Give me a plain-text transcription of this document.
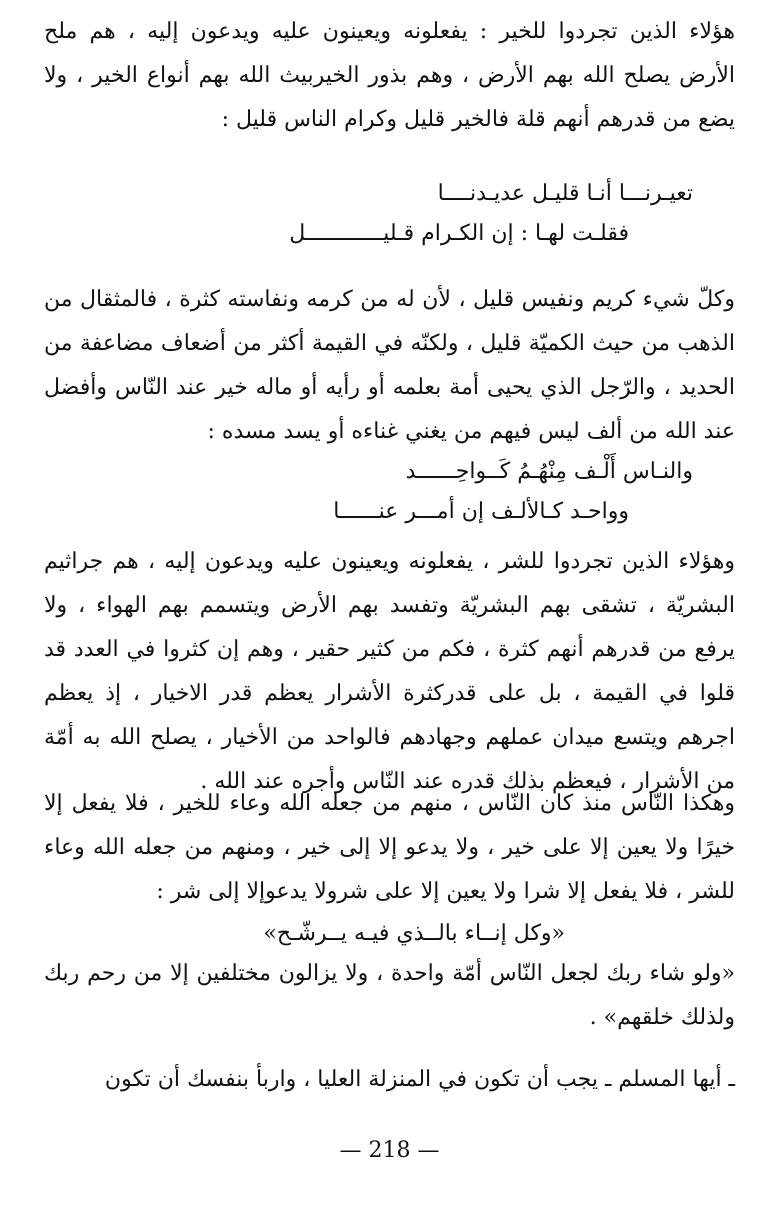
هؤلاء الذين تجردوا للخير : يفعلونه ويعينون عليه ويدعون إليه ، هم ملح الأرض يصلح الله بهم الأرض ، وهم بذور الخيربيث الله بهم أنواع الخير ، ولا يضع من قدرهم أنهم قلة فالخير قليل وكرام الناس قليل :
تعيـرنـــا أنـا قليـل عديـدنــــا
فقلـت لهـا : إن الكـرام قـليــــــــــــل
وكلّ شيء كريم ونفيس قليل ، لأن له من كرمه ونفاسته كثرة ، فالمثقال من الذهب من حيث الكميّة قليل ، ولكنّه في القيمة أكثر من أضعاف مضاعفة من الحديد ، والرّجل الذي يحيى أمة بعلمه أو رأيه أو ماله خير عند النّاس وأفضل عند الله من ألف ليس فيهم من يغني غناءه أو يسد مسده :
والنـاس أَلْـف مِنْهُـمُ كَــواحِــــــد
وواحـد كـالألـف إن أمـــر عنــــــا
وهؤلاء الذين تجردوا للشر ، يفعلونه ويعينون عليه ويدعون إليه ، هم جراثيم البشريّة ، تشقى بهم البشريّة وتفسد بهم الأرض ويتسمم بهم الهواء ، ولا يرفع من قدرهم أنهم كثرة ، فكم من كثير حقير ، وهم إن كثروا في العدد قد قلوا في القيمة ، بل على قدركثرة الأشرار يعظم قدر الاخيار ، إذ يعظم اجرهم ويتسع ميدان عملهم وجهادهم فالواحد من الأخيار ، يصلح الله به أمّة من الأشرار ، فيعظم بذلك قدره عند النّاس وأجره عند الله .
وهكذا النّاس منذ كان النّاس ، منهم من جعله الله وعاء للخير ، فلا يفعل إلا خيرًا ولا يعين إلا على خير ، ولا يدعو إلا إلى خير ، ومنهم من جعله الله وعاء للشر ، فلا يفعل إلا شرا ولا يعين إلا على شرولا يدعوإلا إلى شر :
«وكل إنــاء بالــذي فيـه يــرشّـح»
«ولو شاء ربك لجعل النّاس أمّة واحدة ، ولا يزالون مختلفين إلا من رحم ربك ولذلك خلقهم» .
ـ أيها المسلم ـ يجب أن تكون في المنزلة العليا ، واربأ بنفسك أن تكون
— 218 —
